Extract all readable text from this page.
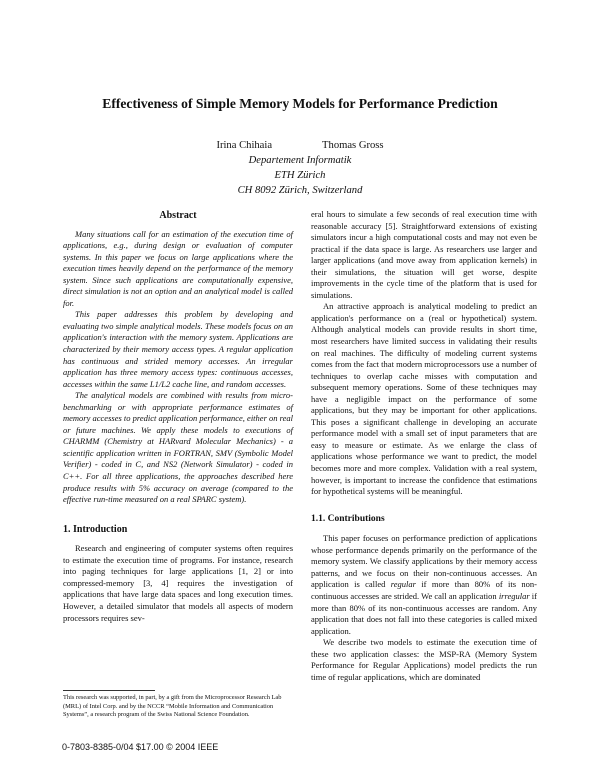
Effectiveness of Simple Memory Models for Performance Prediction
Irina Chihaia	Thomas Gross
Departement Informatik
ETH Zürich
CH 8092 Zürich, Switzerland
Abstract

Many situations call for an estimation of the execution time of applications, e.g., during design or evaluation of computer systems. In this paper we focus on large applications where the execution times heavily depend on the performance of the memory system. Since such applications are computationally expensive, direct simulation is not an option and an analytical model is called for.

This paper addresses this problem by developing and evaluating two simple analytical models. These models focus on an application's interaction with the memory system. Applications are characterized by their memory access types. A regular application has continuous and strided memory accesses. An irregular application has three memory access types: continuous accesses, accesses within the same L1/L2 cache line, and random accesses.

The analytical models are combined with results from micro-benchmarking or with appropriate performance estimates of memory accesses to predict application performance, either on real or future machines. We apply these models to executions of CHARMM (Chemistry at HARvard Molecular Mechanics) - a scientific application written in FORTRAN, SMV (Symbolic Model Verifier) - coded in C, and NS2 (Network Simulator) - coded in C++. For all three applications, the approaches described here produce results with 5% accuracy on average (compared to the effective run-time measured on a real SPARC system).

1. Introduction

Research and engineering of computer systems often requires to estimate the execution time of programs. For instance, research into paging techniques for large applications [1, 2] or into compressed-memory [3, 4] requires the investigation of applications that have large data spaces and long execution times. However, a detailed simulator that models all aspects of modern processors requires sev-

This research was supported, in part, by a gift from the Microprocessor Research Lab (MRL) of Intel Corp. and by the NCCR “Mobile Information and Communication Systems”, a research program of the Swiss National Science Foundation.

eral hours to simulate a few seconds of real execution time with reasonable accuracy [5]. Straightforward extensions of existing simulators incur a high computational costs and may not even be practical if the data space is large. As researchers use larger and larger applications (and move away from application kernels) in their simulations, the situation will get worse, despite improvements in the cycle time of the platform that is used for simulations.

An attractive approach is analytical modeling to predict an application's performance on a (real or hypothetical) system. Although analytical models can provide results in short time, most researchers have limited success in validating their results on real machines. The difficulty of modeling current systems comes from the fact that modern microprocessors use a number of techniques to overlap cache misses with computation and subsequent memory operations. Some of these techniques may have a negligible impact on the performance of some applications, but they may be important for other applications. This poses a significant challenge in developing an accurate performance model with a small set of input parameters that are easy to measure or estimate. As we enlarge the class of applications whose performance we want to predict, the model becomes more and more complex. Validation with a real system, however, is important to increase the confidence that estimations for hypothetical systems will be meaningful.

1.1. Contributions

This paper focuses on performance prediction of applications whose performance depends primarily on the performance of the memory system. We classify applications by their memory access patterns, and we focus on their non-continuous accesses. An application is called regular if more than 80% of its non-continuous accesses are strided. We call an application irregular if more than 80% of its non-continuous accesses are random. Any application that does not fall into these categories is called mixed application.

We describe two models to estimate the execution time of these two application classes: the MSP-RA (Memory System Performance for Regular Applications) model predicts the run time of regular applications, which are dominated

0-7803-8385-0/04 $17.00 © 2004 IEEE
